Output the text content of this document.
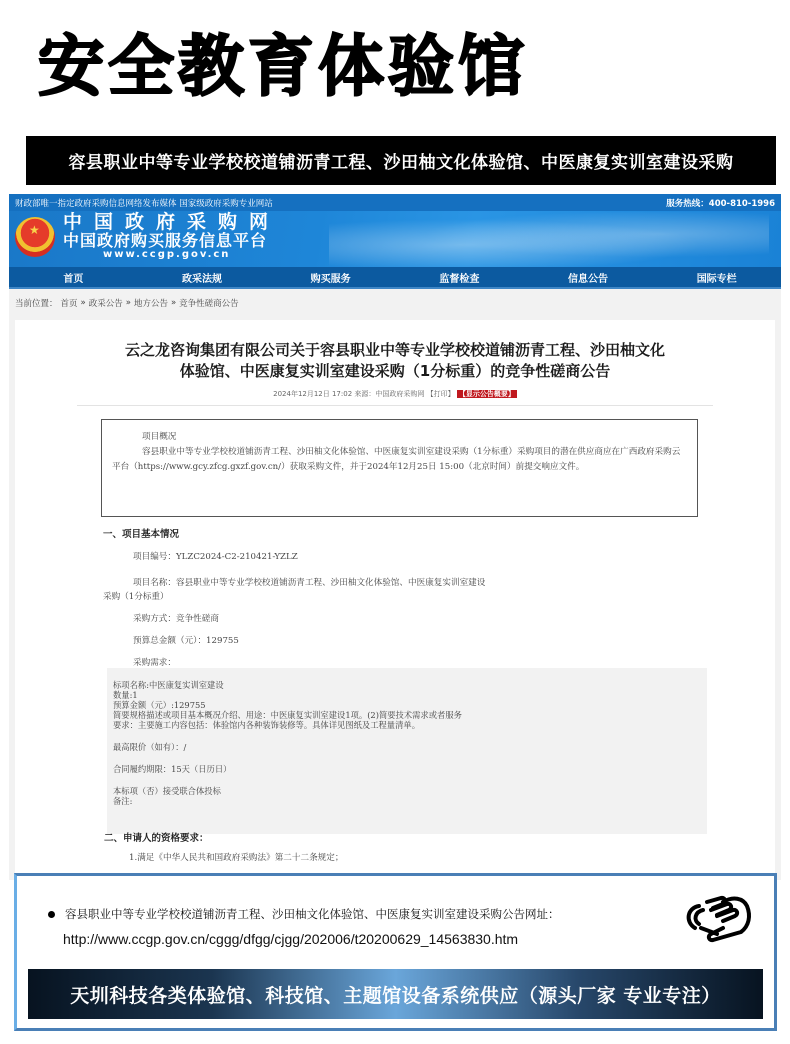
安全教育体验馆
容县职业中等专业学校校道铺沥青工程、沙田柚文化体验馆、中医康复实训室建设采购
财政部唯一指定政府采购信息网络发布媒体 国家级政府采购专业网站	服务热线：400-810-1996
★
中国政府采购网
中国政府购买服务信息平台
www.ccgp.gov.cn
首页	政采法规	购买服务	监督检查	信息公告	国际专栏
当前位置： 首页 » 政采公告 » 地方公告 » 竞争性磋商公告
云之龙咨询集团有限公司关于容县职业中等专业学校校道铺沥青工程、沙田柚文化
体验馆、中医康复实训室建设采购（1分标重）的竞争性磋商公告
2024年12月12日 17:02 来源：中国政府采购网 【打印】 【显示公告概要】
项目概况
容县职业中等专业学校校道铺沥青工程、沙田柚文化体验馆、中医康复实训室建设采购（1分标重）采购项目的潜在供应商应在广西政府采购云平台（https://www.gcy.zfcg.gxzf.gov.cn/）获取采购文件，并于2024年12月25日 15:00（北京时间）前提交响应文件。
一、项目基本情况
项目编号：YLZC2024-C2-210421-YZLZ
项目名称：容县职业中等专业学校校道铺沥青工程、沙田柚文化体验馆、中医康复实训室建设
采购（1分标重）
采购方式：竞争性磋商
预算总金额（元）：129755
采购需求：
标项名称:中医康复实训室建设
数量:1
预算金额（元）:129755
简要规格描述或项目基本概况介绍、用途：中医康复实训室建设1项。(2)简要技术需求或者服务
要求：主要施工内容包括：体验馆内各种装饰装修等。具体详见图纸及工程量清单。
最高限价（如有）：/
合同履约期限：15天（日历日）
本标项（否）接受联合体投标
备注:
二、申请人的资格要求：
1.满足《中华人民共和国政府采购法》第二十二条规定；
容县职业中等专业学校校道铺沥青工程、沙田柚文化体验馆、中医康复实训室建设采购公告网址：
http://www.ccgp.gov.cn/cggg/dfgg/cjgg/202006/t20200629_14563830.htm
天圳科技各类体验馆、科技馆、主题馆设备系统供应（源头厂家 专业专注）
